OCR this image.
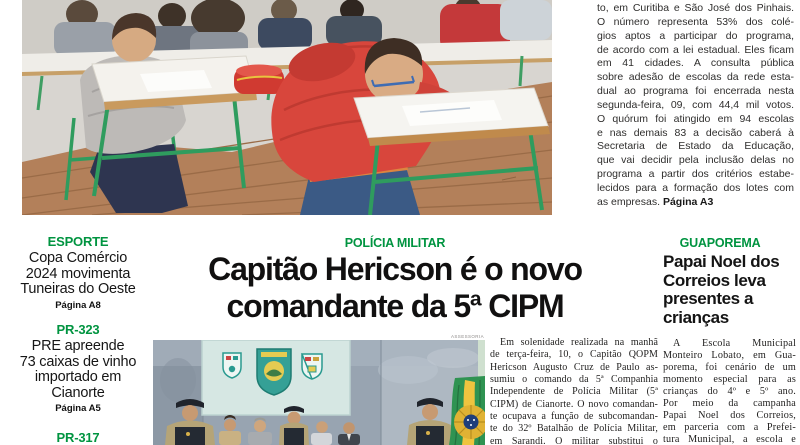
to, em Curitiba e São José dos Pinhais.
O número representa 53% dos colé-
gios aptos a participar do programa,
de acordo com a lei estadual. Eles ficam
em 41 cidades. A consulta pública
sobre adesão de escolas da rede esta-
dual ao programa foi encerrada nesta
segunda-feira, 09, com 44,4 mil votos.
O quórum foi atingido em 94 escolas
e nas demais 83 a decisão caberá à
Secretaria de Estado da Educação,
que vai decidir pela inclusão delas no
programa a partir dos critérios estabe-
lecidos para a formação dos lotes com
as empresas. Página A3
ESPORTE
Copa Comércio
2024 movimenta
Tuneiras do Oeste
Página A8
PR-323
PRE apreende
73 caixas de vinho
importado em
Cianorte
Página A5
PR-317
POLÍCIA MILITAR
Capitão Hericson é o novo
comandante da 5ª CIPM
ASSESSORIA
Em solenidade realizada na manhã
de terça-feira, 10, o Capitão QOPM
Hericson Augusto Cruz de Paulo as-
sumiu o comando da 5ª Companhia
Independente de Polícia Militar (5ª
CIPM) de Cianorte. O novo comandan-
te ocupava a função de subcomandan-
te do 32º Batalhão de Polícia Militar,
em Sarandi. O militar substitui o
GUAPOREMA
Papai Noel dos
Correios leva
presentes a
crianças
A Escola Municipal
Monteiro Lobato, em Gua-
porema, foi cenário de um
momento especial para as
crianças do 4º e 5º ano.
Por meio da campanha
Papai Noel dos Correios,
em parceria com a Prefei-
tura Municipal, a escola e
